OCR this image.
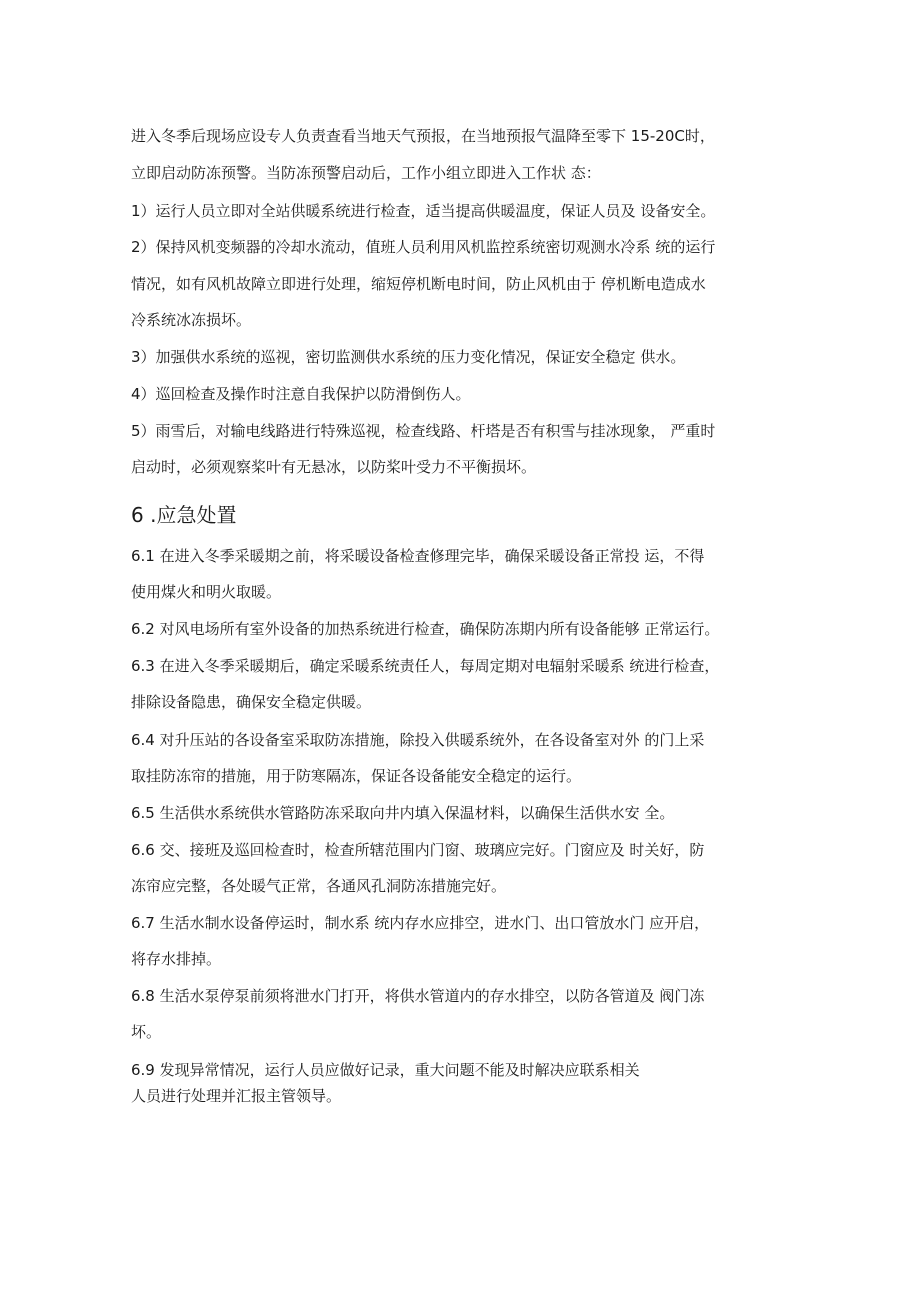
进入冬季后现场应设专人负责查看当地天气预报，在当地预报气温降至零下 15-20C时，
立即启动防冻预警。当防冻预警启动后，工作小组立即进入工作状 态：
1）运行人员立即对全站供暖系统进行检查，适当提高供暖温度，保证人员及 设备安全。
2）保持风机变频器的冷却水流动，值班人员利用风机监控系统密切观测水冷系 统的运行
情况，如有风机故障立即进行处理，缩短停机断电时间，防止风机由于 停机断电造成水
冷系统冰冻损坏。
3）加强供水系统的巡视，密切监测供水系统的压力变化情况，保证安全稳定 供水。
4）巡回检查及操作时注意自我保护以防滑倒伤人。
5）雨雪后，对输电线路进行特殊巡视，检查线路、杆塔是否有积雪与挂冰现象， 严重时
启动时，必须观察桨叶有无悬冰，以防桨叶受力不平衡损坏。
6 .应急处置
6.1 在进入冬季采暖期之前，将采暖设备检查修理完毕，确保采暖设备正常投 运，不得
使用煤火和明火取暖。
6.2 对风电场所有室外设备的加热系统进行检查，确保防冻期内所有设备能够 正常运行。
6.3 在进入冬季采暖期后，确定采暖系统责任人，每周定期对电辐射采暖系 统进行检查，
排除设备隐患，确保安全稳定供暖。
6.4 对升压站的各设备室采取防冻措施，除投入供暖系统外，在各设备室对外 的门上采
取挂防冻帘的措施，用于防寒隔冻，保证各设备能安全稳定的运行。
6.5 生活供水系统供水管路防冻采取向井内填入保温材料，以确保生活供水安 全。
6.6 交、接班及巡回检查时，检查所辖范围内门窗、玻璃应完好。门窗应及 时关好，防
冻帘应完整，各处暖气正常，各通风孔洞防冻措施完好。
6.7 生活水制水设备停运时，制水系 统内存水应排空，进水门、出口管放水门 应开启，
将存水排掉。
6.8 生活水泵停泵前须将泄水门打开，将供水管道内的存水排空，以防各管道及 阀门冻
坏。
6.9 发现异常情况，运行人员应做好记录，重大问题不能及时解决应联系相关
人员进行处理并汇报主管领导。
